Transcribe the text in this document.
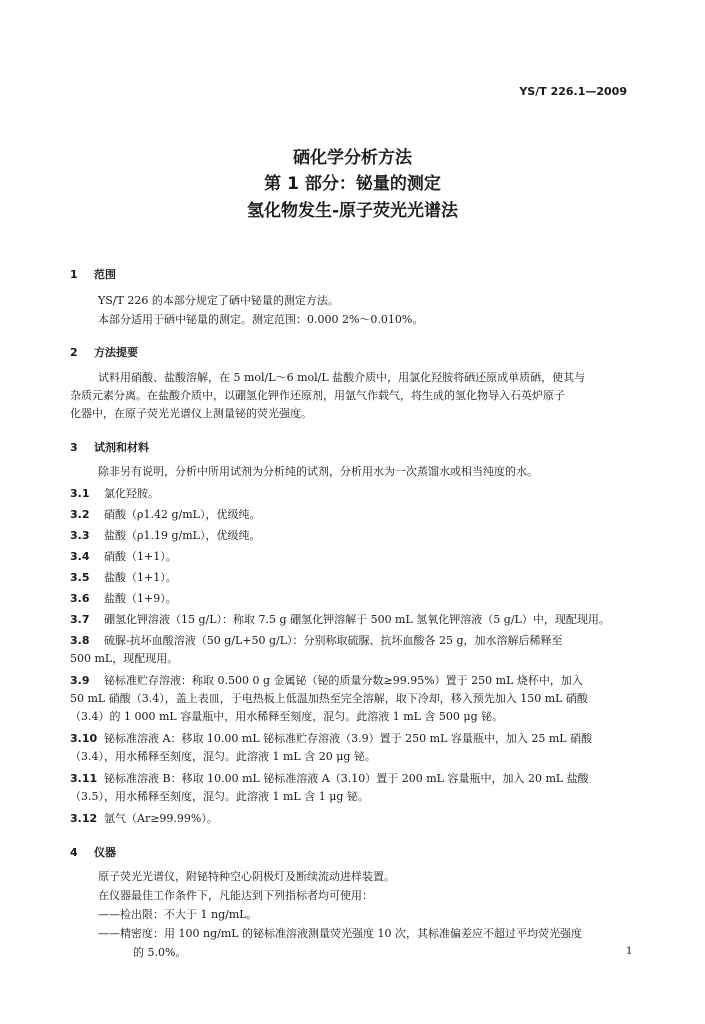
YS/T 226.1—2009
硒化学分析方法
第 1 部分：铋量的测定
氢化物发生-原子荧光光谱法
1 范围
YS/T 226 的本部分规定了硒中铋量的测定方法。
本部分适用于硒中铋量的测定。测定范围：0.000 2%～0.010%。
2 方法提要
试料用硝酸、盐酸溶解，在 5 mol/L～6 mol/L 盐酸介质中，用氯化羟胺将硒还原成单质硒，使其与
杂质元素分离。在盐酸介质中，以硼氢化钾作还原剂，用氩气作载气，将生成的氢化物导入石英炉原子
化器中，在原子荧光光谱仪上测量铋的荧光强度。
3 试剂和材料
除非另有说明，分析中所用试剂为分析纯的试剂，分析用水为一次蒸馏水或相当纯度的水。
3.1 氯化羟胺。
3.2 硝酸（ρ1.42 g/mL），优级纯。
3.3 盐酸（ρ1.19 g/mL），优级纯。
3.4 硝酸（1+1）。
3.5 盐酸（1+1）。
3.6 盐酸（1+9）。
3.7 硼氢化钾溶液（15 g/L）：称取 7.5 g 硼氢化钾溶解于 500 mL 氢氧化钾溶液（5 g/L）中，现配现用。
3.8 硫脲-抗坏血酸溶液（50 g/L+50 g/L）：分别称取硫脲、抗坏血酸各 25 g，加水溶解后稀释至
500 mL，现配现用。
3.9 铋标准贮存溶液：称取 0.500 0 g 金属铋（铋的质量分数≥99.95%）置于 250 mL 烧杯中，加入
50 mL 硝酸（3.4），盖上表皿，于电热板上低温加热至完全溶解，取下冷却，移入预先加入 150 mL 硝酸
（3.4）的 1 000 mL 容量瓶中，用水稀释至刻度，混匀。此溶液 1 mL 含 500 μg 铋。
3.10 铋标准溶液 A：移取 10.00 mL 铋标准贮存溶液（3.9）置于 250 mL 容量瓶中，加入 25 mL 硝酸
（3.4），用水稀释至刻度，混匀。此溶液 1 mL 含 20 μg 铋。
3.11 铋标准溶液 B：移取 10.00 mL 铋标准溶液 A（3.10）置于 200 mL 容量瓶中，加入 20 mL 盐酸
（3.5），用水稀释至刻度，混匀。此溶液 1 mL 含 1 μg 铋。
3.12 氩气（Ar≥99.99%）。
4 仪器
原子荧光光谱仪，附铋特种空心阴极灯及断续流动进样装置。
在仪器最佳工作条件下，凡能达到下列指标者均可使用：
——检出限：不大于 1 ng/mL。
——精密度：用 100 ng/mL 的铋标准溶液测量荧光强度 10 次，其标准偏差应不超过平均荧光强度
的 5.0%。	1
